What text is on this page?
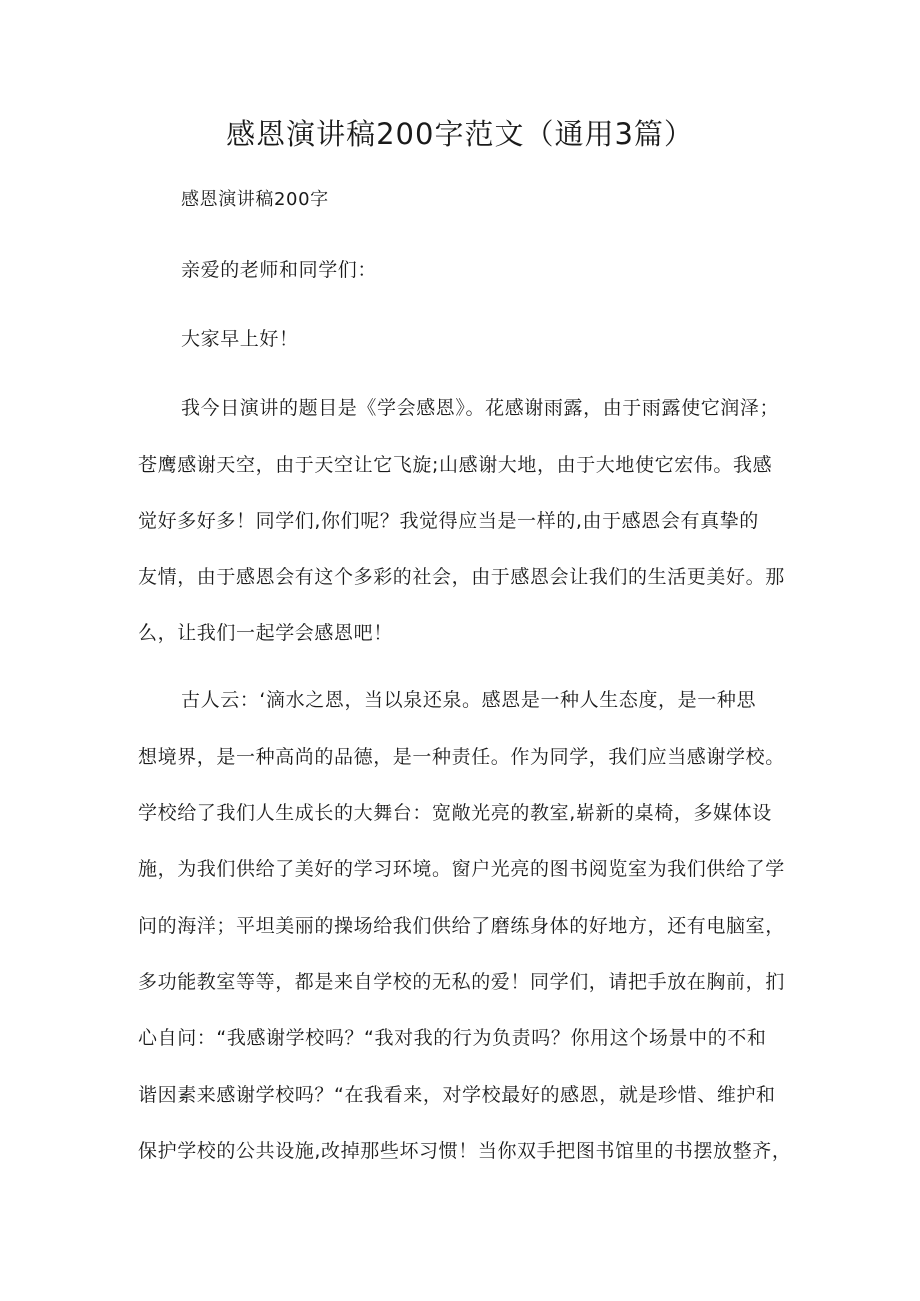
感恩演讲稿200字范文（通用3篇）

感恩演讲稿200字

亲爱的老师和同学们：

大家早上好！

我今日演讲的题目是《学会感恩》。花感谢雨露，由于雨露使它润泽；

苍鹰感谢天空，由于天空让它飞旋;山感谢大地，由于大地使它宏伟。我感

觉好多好多！同学们,你们呢？我觉得应当是一样的,由于感恩会有真挚的

友情，由于感恩会有这个多彩的社会，由于感恩会让我们的生活更美好。那

么，让我们一起学会感恩吧！

古人云：‘滴水之恩，当以泉还泉。感恩是一种人生态度，是一种思

想境界，是一种高尚的品德，是一种责任。作为同学，我们应当感谢学校。

学校给了我们人生成长的大舞台：宽敞光亮的教室,崭新的桌椅，多媒体设

施，为我们供给了美好的学习环境。窗户光亮的图书阅览室为我们供给了学

问的海洋；平坦美丽的操场给我们供给了磨练身体的好地方，还有电脑室，

多功能教室等等，都是来自学校的无私的爱！同学们，请把手放在胸前，扪

心自问：“我感谢学校吗？“我对我的行为负责吗？你用这个场景中的不和

谐因素来感谢学校吗？“在我看来，对学校最好的感恩，就是珍惜、维护和

保护学校的公共设施,改掉那些坏习惯！当你双手把图书馆里的书摆放整齐，
